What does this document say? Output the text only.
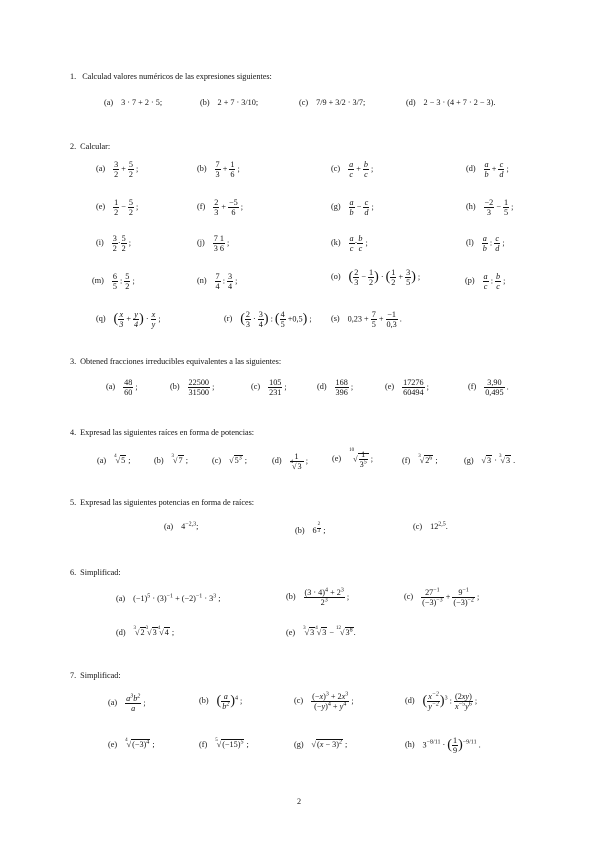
1. Calculad valores numéricos de las expresiones siguientes:
(a) 3 · 7 + 2 · 5;	(b) 2 + 7 · 3/10;	(c) 7/9 + 3/2 · 3/7;	(d) 2 − 3 · (4 + 7 · 2 − 3).
2. Calcular:
$(a) \frac{3}{2} + \frac{5}{2}$ ;	$(b) \frac{7}{3} + \frac{1}{6}$ ;	$(c) \frac{a}{c} + \frac{b}{c}$ ;	$(d) \frac{a}{b} + \frac{c}{d}$ ;
$(e) \frac{1}{2} - \frac{5}{2}$ ;	$(f) \frac{2}{3} + \frac{-5}{6}$ ;	$(g) \frac{a}{b} - \frac{c}{d}$ ;	$(h) \frac{-2}{3} - \frac{1}{5}$ ;
$(i) \frac{3}{2} \cdot \frac{5}{2}$ ;	$(j) \frac{7}{3} \frac{1}{6}$ ;	$(k) \frac{a}{c} \cdot \frac{b}{c}$ ;	$(l) \frac{a}{b}$ : $\frac{c}{d}$ ;
$(m) \frac{6}{5}$ : $\frac{5}{2}$ ;	$(n) \frac{7}{4}$ : $\frac{3}{4}$ ;	(o) ( $\frac{2}{3} - \frac{1}{2}$ ) · ( $\frac{1}{2} + \frac{3}{5}$ ) ;	$(p) \frac{a}{c}$ : $\frac{b}{c}$ ;
(q) ( $\frac{x}{3} + \frac{y}{4}$ ) · $\frac{x}{y}$ ;	(r) ( $\frac{2}{3} \cdot \frac{3}{4}$ ) : ( $\frac{4}{5} +0,5$) ; (s) $0,23 + \frac{7}{5} + \frac{-1}{0,3}$ .
3. Obtened fracciones irreducibles equivalentes a las siguientes:
$(a) \frac{48}{60}$ ;	$(b) \frac{22500}{31500}$ ;	$(c) \frac{105}{231}$ ;	$(d) \frac{168}{396}$ ;	$(e) \frac{17276}{60494}$ ;	$(f) \frac{3,90}{0,495}$ .
4. Expresad las siguientes raíces en forma de potencias:
(a) $^4$√5 ;	(b) $^3$√7 ;	(c) $√5^3$ ;	$(d) \frac{1}{^4√3}$ ;	$(e)^{10}√ \frac{1}{3^5}$ ;	(f) $^3√2^6$ ;	(g) √3 · $^3$√3 .
5. Expresad las siguientes potencias en forma de raíces:
(a) $4^{-2,3}$;	(b) 6 $^{\frac{2}{3}}$ ;	(c) 12$^{2,5}$.
6. Simplificad:
(a) $(-1)^5 \cdot (3)^{-1} + (-2)^{-1} \cdot 3^3$ ;	$(b) \frac{(3 \cdot 4)^4 + 2^3}{2^3}$ ;	$(c) \frac{27^{-1}}{(-3)^{-3}} + \frac{9^{-1}}{(-3)^{-2}}$ ;
(d) $^3√2^3√3^4√4$ ;	(e) $^3√3^4√3 - ^{12}√3^8$.
7. Simplificad:
$(a) \frac{a^3b^2}{a}$ ;	(b) ( $\frac{a}{b^2} )^4$ ;	$(c) \frac{(-x)^3 + 2x^3}{(-y)^4 + y^4}$ ;	(d) ( $\frac{x^{-2}}{y^{-2}} )^3$ : $\frac{(2xy)}{x^{-5}y^6}$ ;
(e) $^4√(-3)^4$ ;	(f) $^5√(-15)^5$ ;	(g) $√(x - 3)^2$ ;	(h) $3^{-8/11}$ · ( $\frac{1}{9} )^{-9/11}$ .
2
